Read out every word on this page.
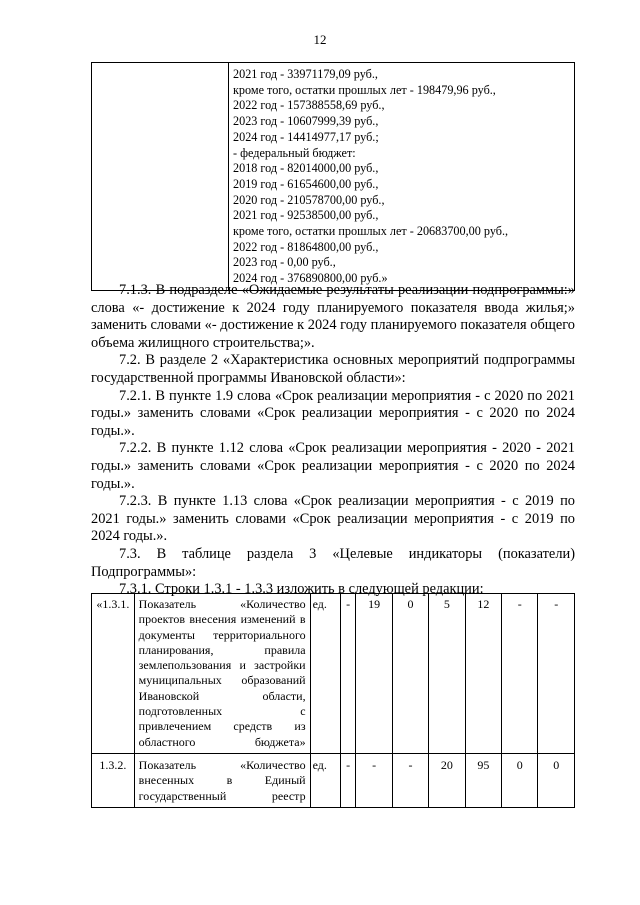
12

2021 год - 33971179,09 руб.,
кроме того, остатки прошлых лет - 198479,96 руб.,
2022 год - 157388558,69 руб.,
2023 год - 10607999,39 руб.,
2024 год - 14414977,17 руб.;
- федеральный бюджет:
2018 год - 82014000,00 руб.,
2019 год - 61654600,00 руб.,
2020 год - 210578700,00 руб.,
2021 год - 92538500,00 руб.,
кроме того, остатки прошлых лет - 20683700,00 руб.,
2022 год - 81864800,00 руб.,
2023 год - 0,00 руб.,
2024 год - 376890800,00 руб.»

7.1.3. В подразделе «Ожидаемые результаты реализации подпрограммы:» слова «- достижение к 2024 году планируемого показателя ввода жилья;» заменить словами «- достижение к 2024 году планируемого показателя общего объема жилищного строительства;».

7.2. В разделе 2 «Характеристика основных мероприятий подпрограммы государственной программы Ивановской области»:

7.2.1. В пункте 1.9 слова «Срок реализации мероприятия - с 2020 по 2021 годы.» заменить словами «Срок реализации мероприятия - с 2020 по 2024 годы.».

7.2.2. В пункте 1.12 слова «Срок реализации мероприятия - 2020 - 2021 годы.» заменить словами «Срок реализации мероприятия - с 2020 по 2024 годы.».

7.2.3. В пункте 1.13 слова «Срок реализации мероприятия - с 2019 по 2021 годы.» заменить словами «Срок реализации мероприятия - с 2019 по 2024 годы.».

7.3. В таблице раздела 3 «Целевые индикаторы (показатели) Подпрограммы»:

7.3.1. Строки 1.3.1 - 1.3.3 изложить в следующей редакции:

«1.3.1.	Показатель «Количество проектов внесения изменений в документы территориального планирования, правила землепользования и застройки муниципальных образований Ивановской области, подготовленных с привлечением средств из областного бюджета»	ед.	-	19	0	5	12	-	-
1.3.2.	Показатель «Количество внесенных в Единый государственный реестр	ед.	-	-	-	20	95	0	0
